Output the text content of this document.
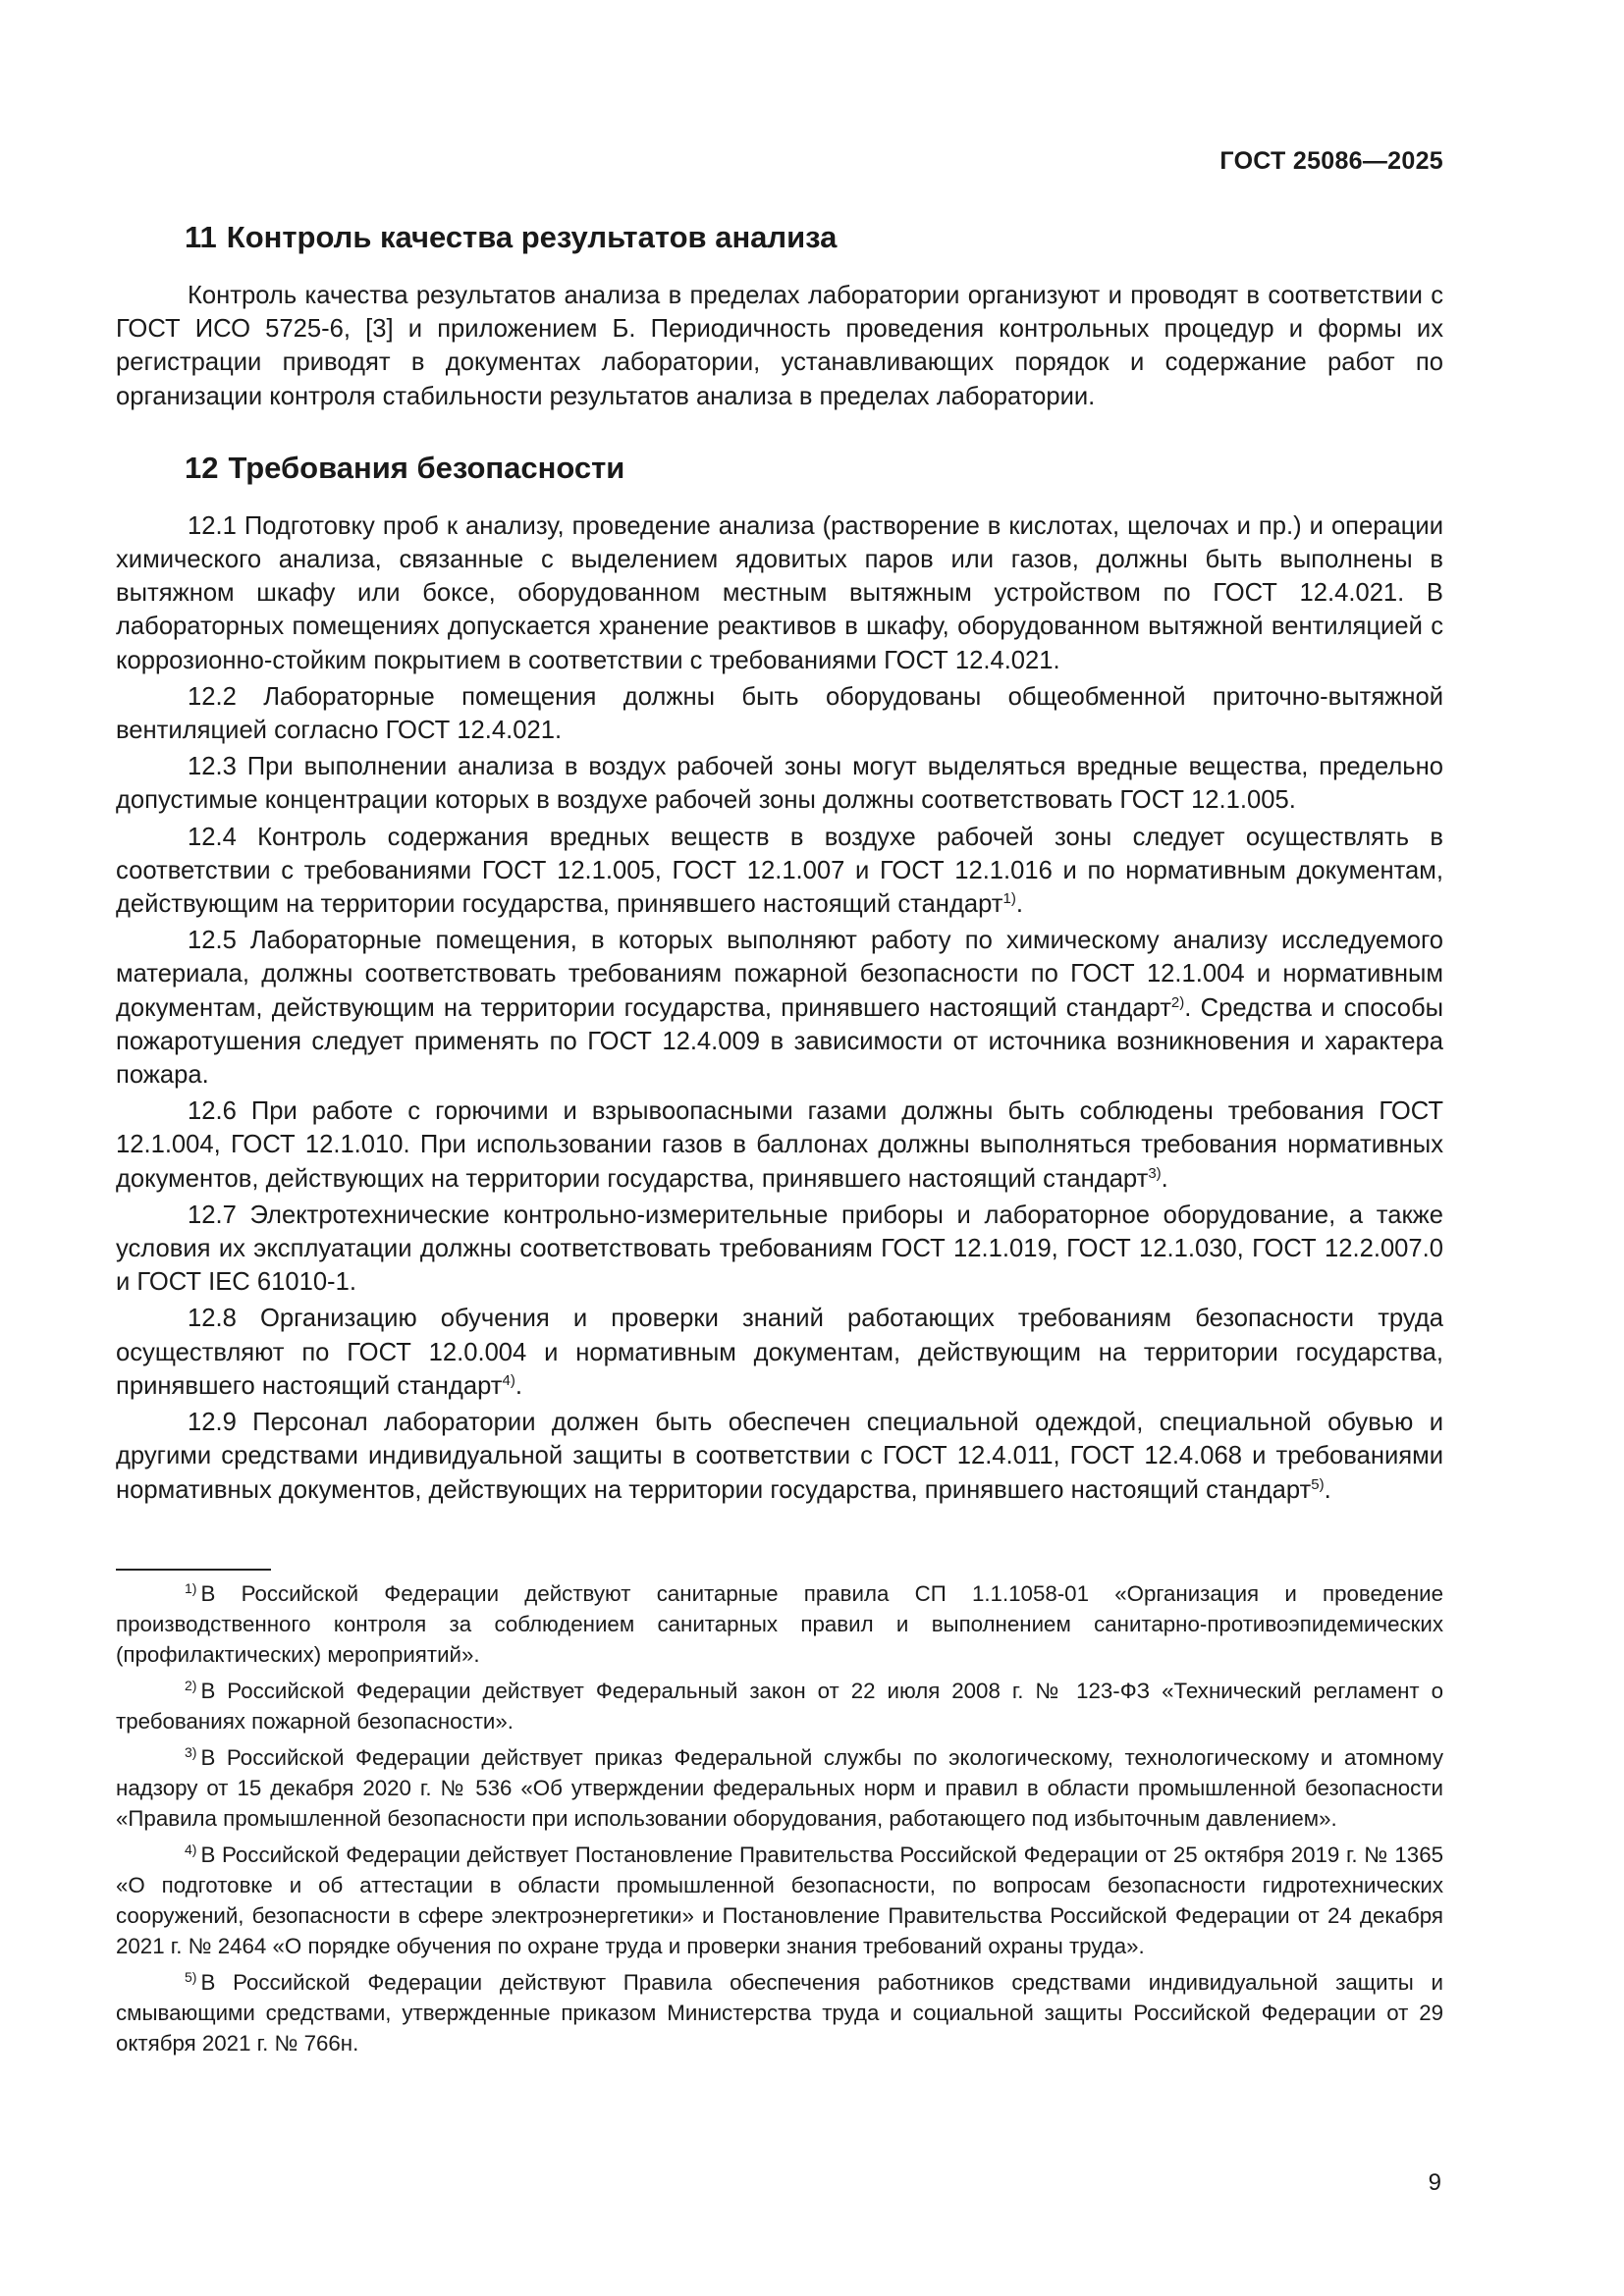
ГОСТ 25086—2025
11 Контроль качества результатов анализа

Контроль качества результатов анализа в пределах лаборатории организуют и проводят в соответствии с ГОСТ ИСО 5725-6, [3] и приложением Б. Периодичность проведения контрольных процедур и формы их регистрации приводят в документах лаборатории, устанавливающих порядок и содержание работ по организации контроля стабильности результатов анализа в пределах лаборатории.

12 Требования безопасности

12.1 Подготовку проб к анализу, проведение анализа (растворение в кислотах, щелочах и пр.) и операции химического анализа, связанные с выделением ядовитых паров или газов, должны быть выполнены в вытяжном шкафу или боксе, оборудованном местным вытяжным устройством по ГОСТ 12.4.021. В лабораторных помещениях допускается хранение реактивов в шкафу, оборудованном вытяжной вентиляцией с коррозионно-стойким покрытием в соответствии с требованиями ГОСТ 12.4.021.

12.2 Лабораторные помещения должны быть оборудованы общеобменной приточно-вытяжной вентиляцией согласно ГОСТ 12.4.021.

12.3 При выполнении анализа в воздух рабочей зоны могут выделяться вредные вещества, предельно допустимые концентрации которых в воздухе рабочей зоны должны соответствовать ГОСТ 12.1.005.

12.4 Контроль содержания вредных веществ в воздухе рабочей зоны следует осуществлять в соответствии с требованиями ГОСТ 12.1.005, ГОСТ 12.1.007 и ГОСТ 12.1.016 и по нормативным документам, действующим на территории государства, принявшего настоящий стандарт$^{1)}$.

12.5 Лабораторные помещения, в которых выполняют работу по химическому анализу исследуемого материала, должны соответствовать требованиям пожарной безопасности по ГОСТ 12.1.004 и нормативным документам, действующим на территории государства, принявшего настоящий стандарт$^{2)}$. Средства и способы пожаротушения следует применять по ГОСТ 12.4.009 в зависимости от источника возникновения и характера пожара.

12.6 При работе с горючими и взрывоопасными газами должны быть соблюдены требования ГОСТ 12.1.004, ГОСТ 12.1.010. При использовании газов в баллонах должны выполняться требования нормативных документов, действующих на территории государства, принявшего настоящий стандарт$^{3)}$.

12.7 Электротехнические контрольно-измерительные приборы и лабораторное оборудование, а также условия их эксплуатации должны соответствовать требованиям ГОСТ 12.1.019, ГОСТ 12.1.030, ГОСТ 12.2.007.0 и ГОСТ IEC 61010-1.

12.8 Организацию обучения и проверки знаний работающих требованиям безопасности труда осуществляют по ГОСТ 12.0.004 и нормативным документам, действующим на территории государства, принявшего настоящий стандарт$^{4)}$.

12.9 Персонал лаборатории должен быть обеспечен специальной одеждой, специальной обувью и другими средствами индивидуальной защиты в соответствии с ГОСТ 12.4.011, ГОСТ 12.4.068 и требованиями нормативных документов, действующих на территории государства, принявшего настоящий стандарт$^{5)}$.

$^{1)}$ В Российской Федерации действуют санитарные правила СП 1.1.1058-01 «Организация и проведение производственного контроля за соблюдением санитарных правил и выполнением санитарно-противоэпидемических (профилактических) мероприятий».

$^{2)}$ В Российской Федерации действует Федеральный закон от 22 июля 2008 г. № 123-ФЗ «Технический регламент о требованиях пожарной безопасности».

$^{3)}$ В Российской Федерации действует приказ Федеральной службы по экологическому, технологическому и атомному надзору от 15 декабря 2020 г. № 536 «Об утверждении федеральных норм и правил в области промышленной безопасности «Правила промышленной безопасности при использовании оборудования, работающего под избыточным давлением».

$^{4)}$ В Российской Федерации действует Постановление Правительства Российской Федерации от 25 октября 2019 г. № 1365 «О подготовке и об аттестации в области промышленной безопасности, по вопросам безопасности гидротехнических сооружений, безопасности в сфере электроэнергетики» и Постановление Правительства Российской Федерации от 24 декабря 2021 г. № 2464 «О порядке обучения по охране труда и проверки знания требований охраны труда».

$^{5)}$ В Российской Федерации действуют Правила обеспечения работников средствами индивидуальной защиты и смывающими средствами, утвержденные приказом Министерства труда и социальной защиты Российской Федерации от 29 октября 2021 г. № 766н.

9
